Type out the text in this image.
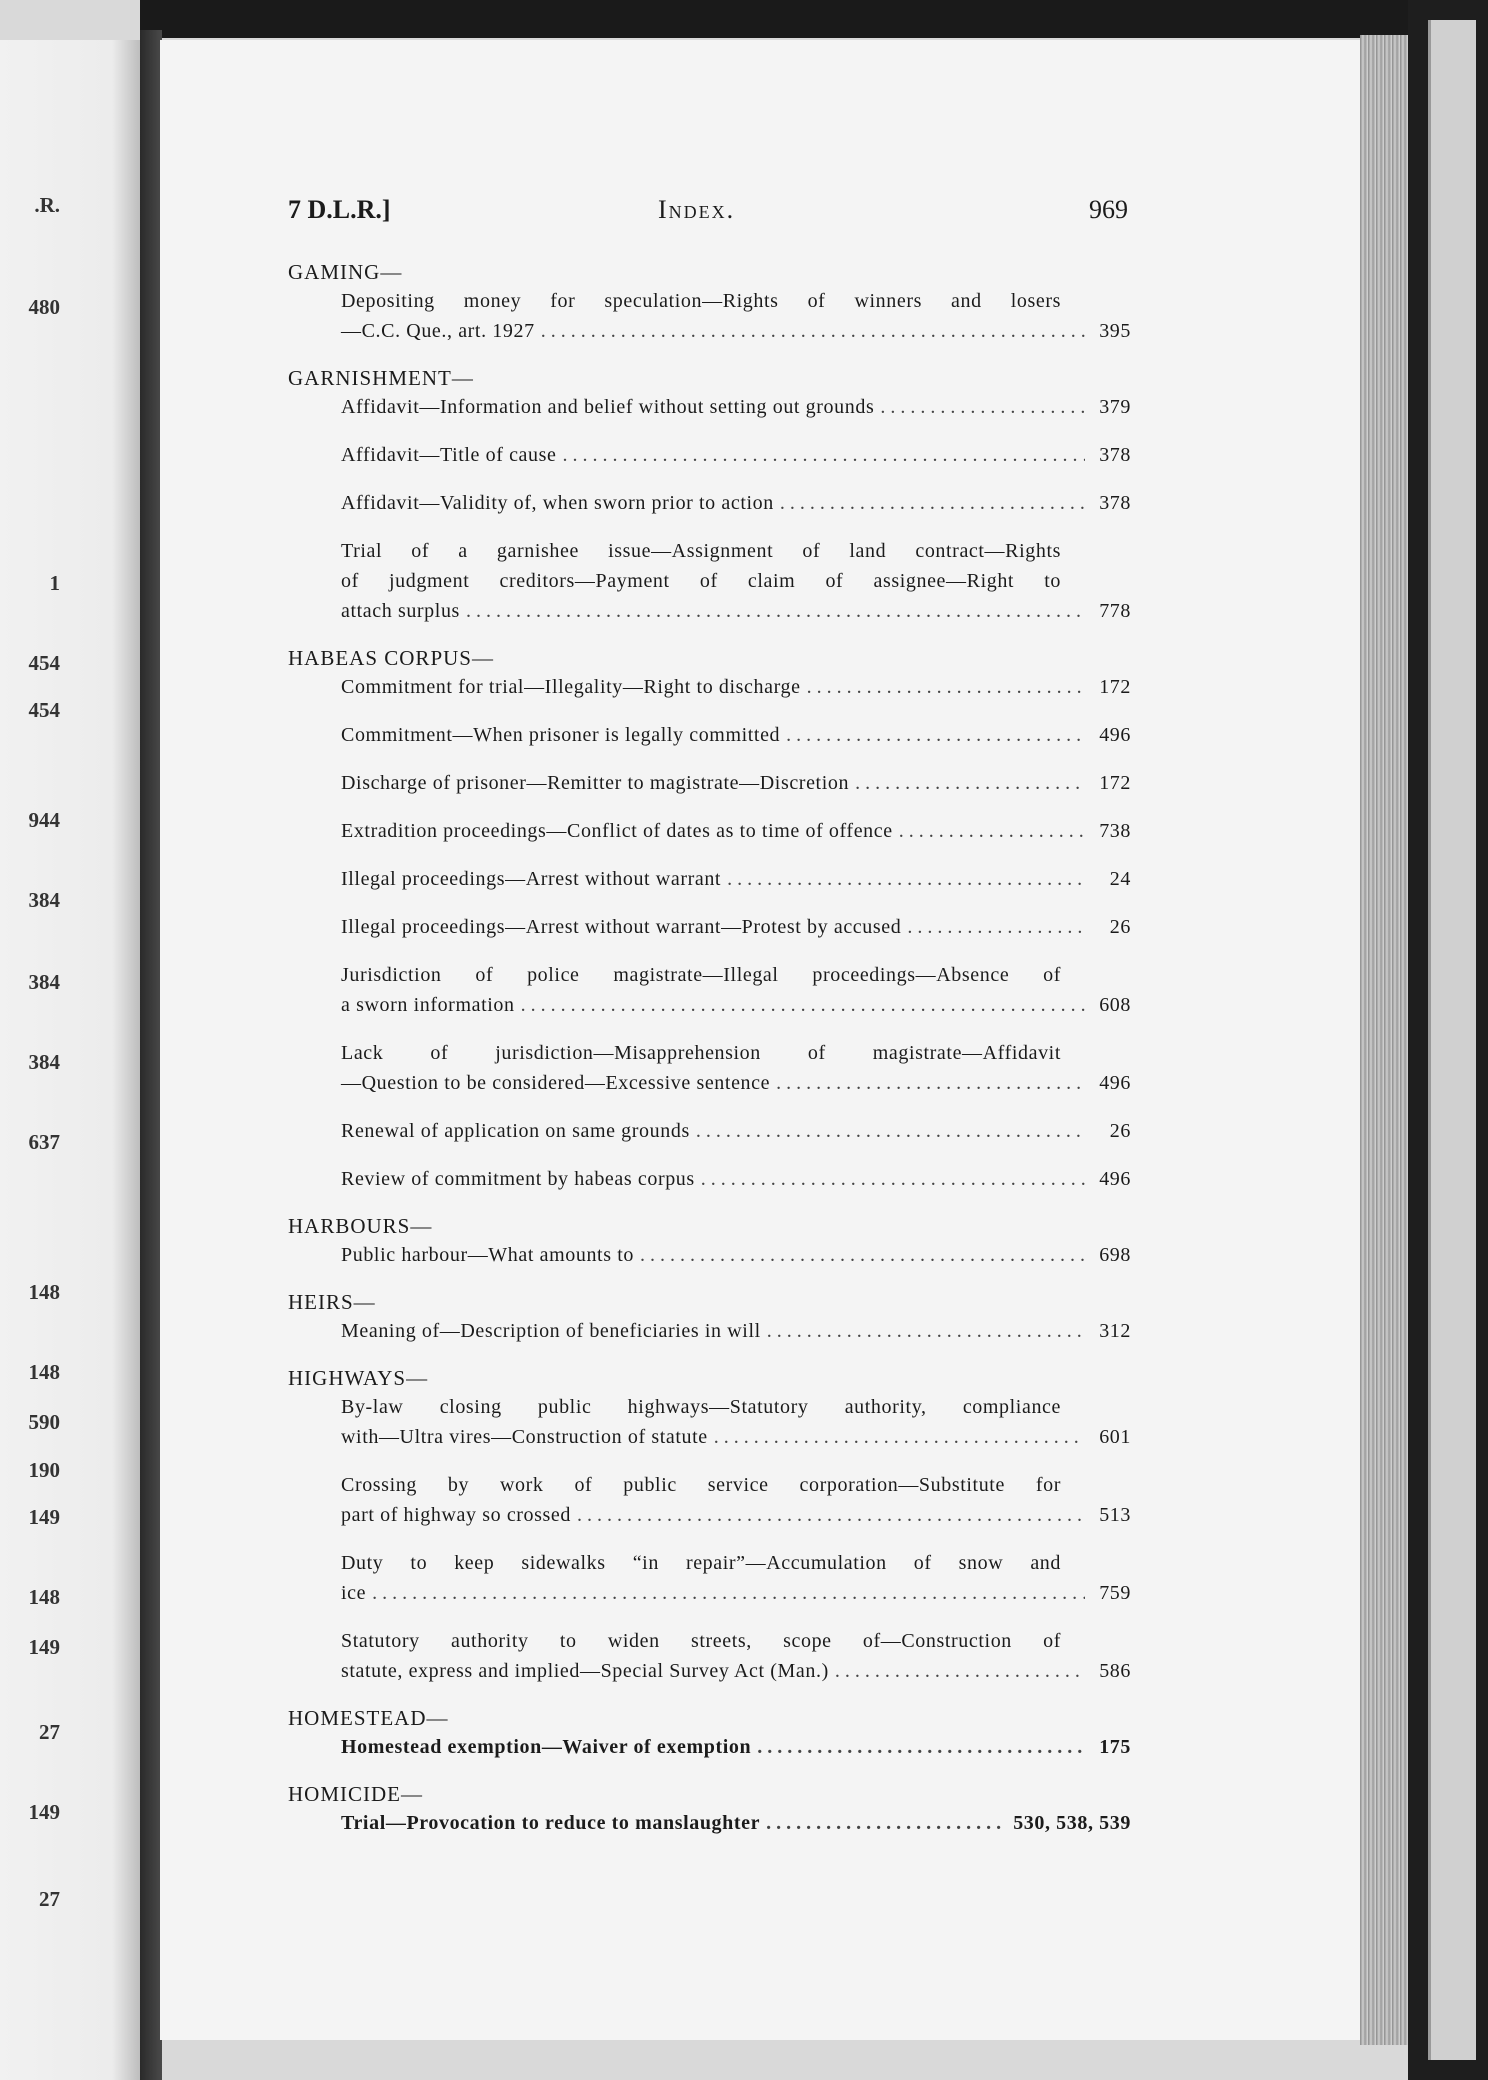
.R.
480
1
454
454
944
384
384
384
637
148
148
590
190
149
148
149
27
149
27
7 D.L.R.]	Index.	969
GAMING—
Depositing money for speculation—Rights of winners and losers
—C.C. Que., art. 1927 . . .	395
GARNISHMENT—
Affidavit—Information and belief without setting out grounds . . .	379
Affidavit—Title of cause . . .	378
Affidavit—Validity of, when sworn prior to action . . .	378
Trial of a garnishee issue—Assignment of land contract—Rights
of judgment creditors—Payment of claim of assignee—Right to
attach surplus . . .	778
HABEAS CORPUS—
Commitment for trial—Illegality—Right to discharge . . .	172
Commitment—When prisoner is legally committed . . .	496
Discharge of prisoner—Remitter to magistrate—Discretion . . .	172
Extradition proceedings—Conflict of dates as to time of offence . . .	738
Illegal proceedings—Arrest without warrant . . .	24
Illegal proceedings—Arrest without warrant—Protest by accused . . .	26
Jurisdiction of police magistrate—Illegal proceedings—Absence of
a sworn information . . .	608
Lack of jurisdiction—Misapprehension of magistrate—Affidavit
—Question to be considered—Excessive sentence . . .	496
Renewal of application on same grounds . . .	26
Review of commitment by habeas corpus . . .	496
HARBOURS—
Public harbour—What amounts to . . .	698
HEIRS—
Meaning of—Description of beneficiaries in will . . .	312
HIGHWAYS—
By-law closing public highways—Statutory authority, compliance
with—Ultra vires—Construction of statute . . .	601
Crossing by work of public service corporation—Substitute for
part of highway so crossed . . .	513
Duty to keep sidewalks “in repair”—Accumulation of snow and
ice . . .	759
Statutory authority to widen streets, scope of—Construction of
statute, express and implied—Special Survey Act (Man.) . . .	586
HOMESTEAD—
Homestead exemption—Waiver of exemption . . .	175
HOMICIDE—
Trial—Provocation to reduce to manslaughter . . .	530, 538, 539
